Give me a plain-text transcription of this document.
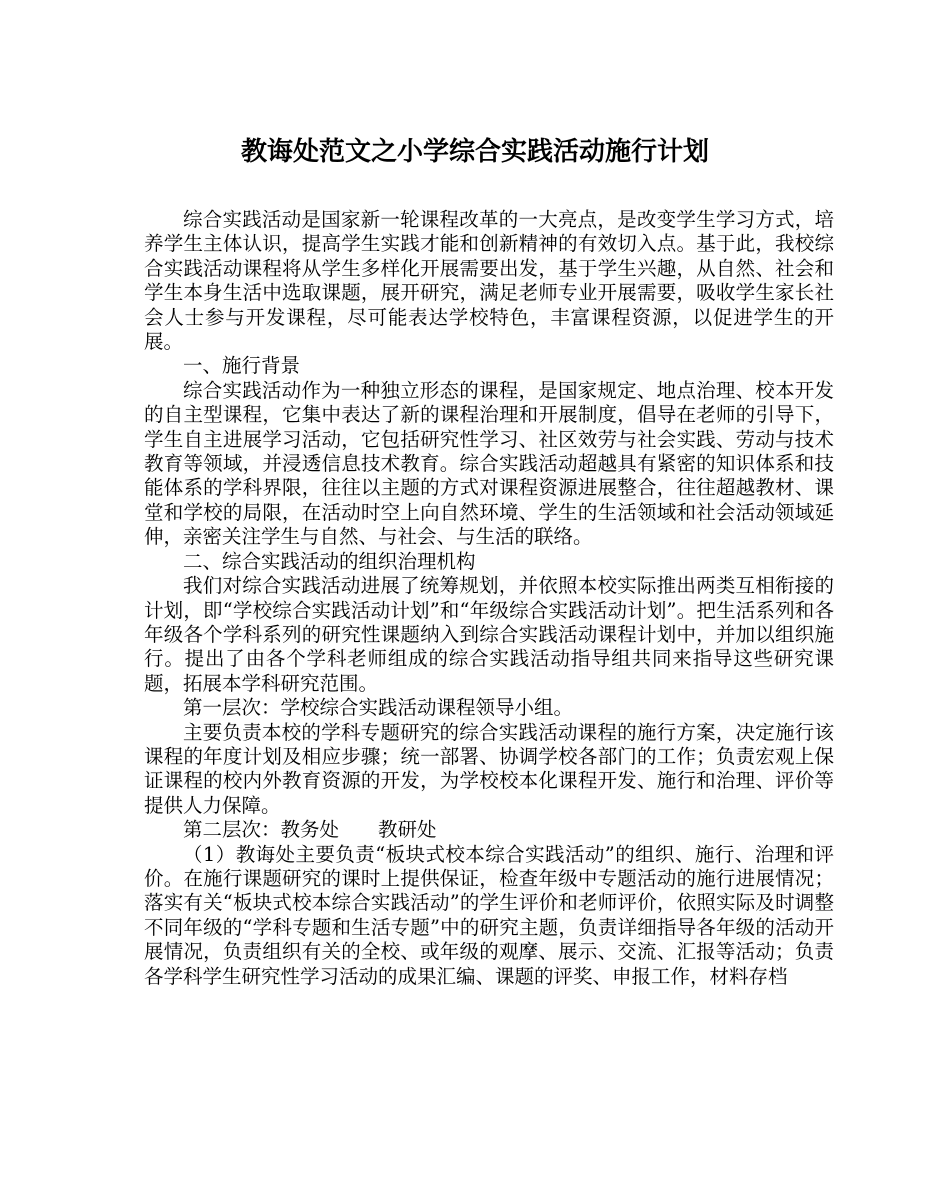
教诲处范文之小学综合实践活动施行计划

综合实践活动是国家新一轮课程改革的一大亮点，是改变学生学习方式，培养学生主体认识，提高学生实践才能和创新精神的有效切入点。基于此，我校综合实践活动课程将从学生多样化开展需要出发，基于学生兴趣，从自然、社会和学生本身生活中选取课题，展开研究，满足老师专业开展需要，吸收学生家长社会人士参与开发课程，尽可能表达学校特色，丰富课程资源，以促进学生的开展。

一、施行背景

综合实践活动作为一种独立形态的课程，是国家规定、地点治理、校本开发的自主型课程，它集中表达了新的课程治理和开展制度，倡导在老师的引导下，学生自主进展学习活动，它包括研究性学习、社区效劳与社会实践、劳动与技术教育等领域，并浸透信息技术教育。综合实践活动超越具有紧密的知识体系和技能体系的学科界限，往往以主题的方式对课程资源进展整合，往往超越教材、课堂和学校的局限，在活动时空上向自然环境、学生的生活领域和社会活动领域延伸，亲密关注学生与自然、与社会、与生活的联络。

二、综合实践活动的组织治理机构

我们对综合实践活动进展了统筹规划，并依照本校实际推出两类互相衔接的计划，即“学校综合实践活动计划”和“年级综合实践活动计划”。把生活系列和各年级各个学科系列的研究性课题纳入到综合实践活动课程计划中，并加以组织施行。提出了由各个学科老师组成的综合实践活动指导组共同来指导这些研究课题，拓展本学科研究范围。

第一层次：学校综合实践活动课程领导小组。

主要负责本校的学科专题研究的综合实践活动课程的施行方案，决定施行该课程的年度计划及相应步骤；统一部署、协调学校各部门的工作；负责宏观上保证课程的校内外教育资源的开发，为学校校本化课程开发、施行和治理、评价等提供人力保障。

第二层次：教务处　　教研处

（1）教诲处主要负责“板块式校本综合实践活动”的组织、施行、治理和评价。在施行课题研究的课时上提供保证，检查年级中专题活动的施行进展情况；落实有关“板块式校本综合实践活动”的学生评价和老师评价，依照实际及时调整不同年级的“学科专题和生活专题”中的研究主题，负责详细指导各年级的活动开展情况，负责组织有关的全校、或年级的观摩、展示、交流、汇报等活动；负责各学科学生研究性学习活动的成果汇编、课题的评奖、申报工作，材料存档
